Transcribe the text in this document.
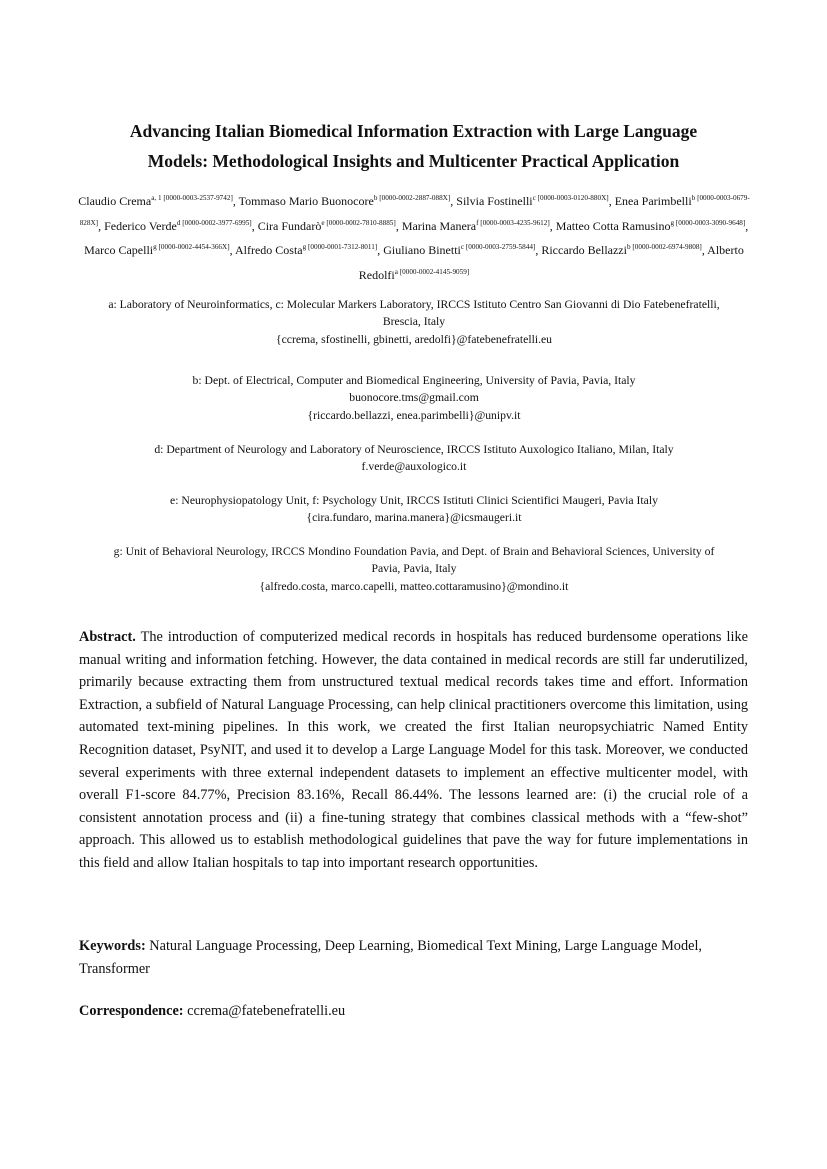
Advancing Italian Biomedical Information Extraction with Large Language
Models: Methodological Insights and Multicenter Practical Application

Claudio Crema$^{a, 1 [0000-0003-2537-9742]}$, Tommaso Mario Buonocore$^{b [0000-0002-2887-088X]}$, Silvia Fostinelli$^{c [0000-0003-0120-880X]}$, Enea Parimbelli$^{b [0000-0003-0679-828X]}$, Federico Verde$^{d [0000-0002-3977-6995]}$, Cira Fundarò$^{e [0000-0002-7810-8885]}$, Marina Manera$^{f [0000-0003-4235-9612]}$, Matteo Cotta Ramusino$^{g [0000-0003-3090-9648]}$, Marco Capelli$^{g [0000-0002-4454-366X]}$, Alfredo Costa$^{g [0000-0001-7312-8011]}$, Giuliano Binetti$^{c [0000-0003-2759-5844]}$, Riccardo Bellazzi$^{b [0000-0002-6974-9808]}$, Alberto Redolfi$^{a [0000-0002-4145-9059]}$

a: Laboratory of Neuroinformatics, c: Molecular Markers Laboratory, IRCCS Istituto Centro San Giovanni di Dio Fatebenefratelli,
Brescia, Italy
{ccrema, sfostinelli, gbinetti, aredolfi}@fatebenefratelli.eu

b: Dept. of Electrical, Computer and Biomedical Engineering, University of Pavia, Pavia, Italy
buonocore.tms@gmail.com
{riccardo.bellazzi, enea.parimbelli}@unipv.it

d: Department of Neurology and Laboratory of Neuroscience, IRCCS Istituto Auxologico Italiano, Milan, Italy
f.verde@auxologico.it

e: Neurophysiopatology Unit, f: Psychology Unit, IRCCS Istituti Clinici Scientifici Maugeri, Pavia Italy
{cira.fundaro, marina.manera}@icsmaugeri.it

g: Unit of Behavioral Neurology, IRCCS Mondino Foundation Pavia, and Dept. of Brain and Behavioral Sciences, University of
Pavia, Pavia, Italy
{alfredo.costa, marco.capelli, matteo.cottaramusino}@mondino.it

Abstract. The introduction of computerized medical records in hospitals has reduced burdensome operations like manual writing and information fetching. However, the data contained in medical records are still far underutilized, primarily because extracting them from unstructured textual medical records takes time and effort. Information Extraction, a subfield of Natural Language Processing, can help clinical practitioners overcome this limitation, using automated text-mining pipelines. In this work, we created the first Italian neuropsychiatric Named Entity Recognition dataset, PsyNIT, and used it to develop a Large Language Model for this task. Moreover, we conducted several experiments with three external independent datasets to implement an effective multicenter model, with overall F1-score 84.77%, Precision 83.16%, Recall 86.44%. The lessons learned are: (i) the crucial role of a consistent annotation process and (ii) a fine-tuning strategy that combines classical methods with a “few-shot” approach. This allowed us to establish methodological guidelines that pave the way for future implementations in this field and allow Italian hospitals to tap into important research opportunities.

Keywords: Natural Language Processing, Deep Learning, Biomedical Text Mining, Large Language Model, Transformer

Correspondence: ccrema@fatebenefratelli.eu
